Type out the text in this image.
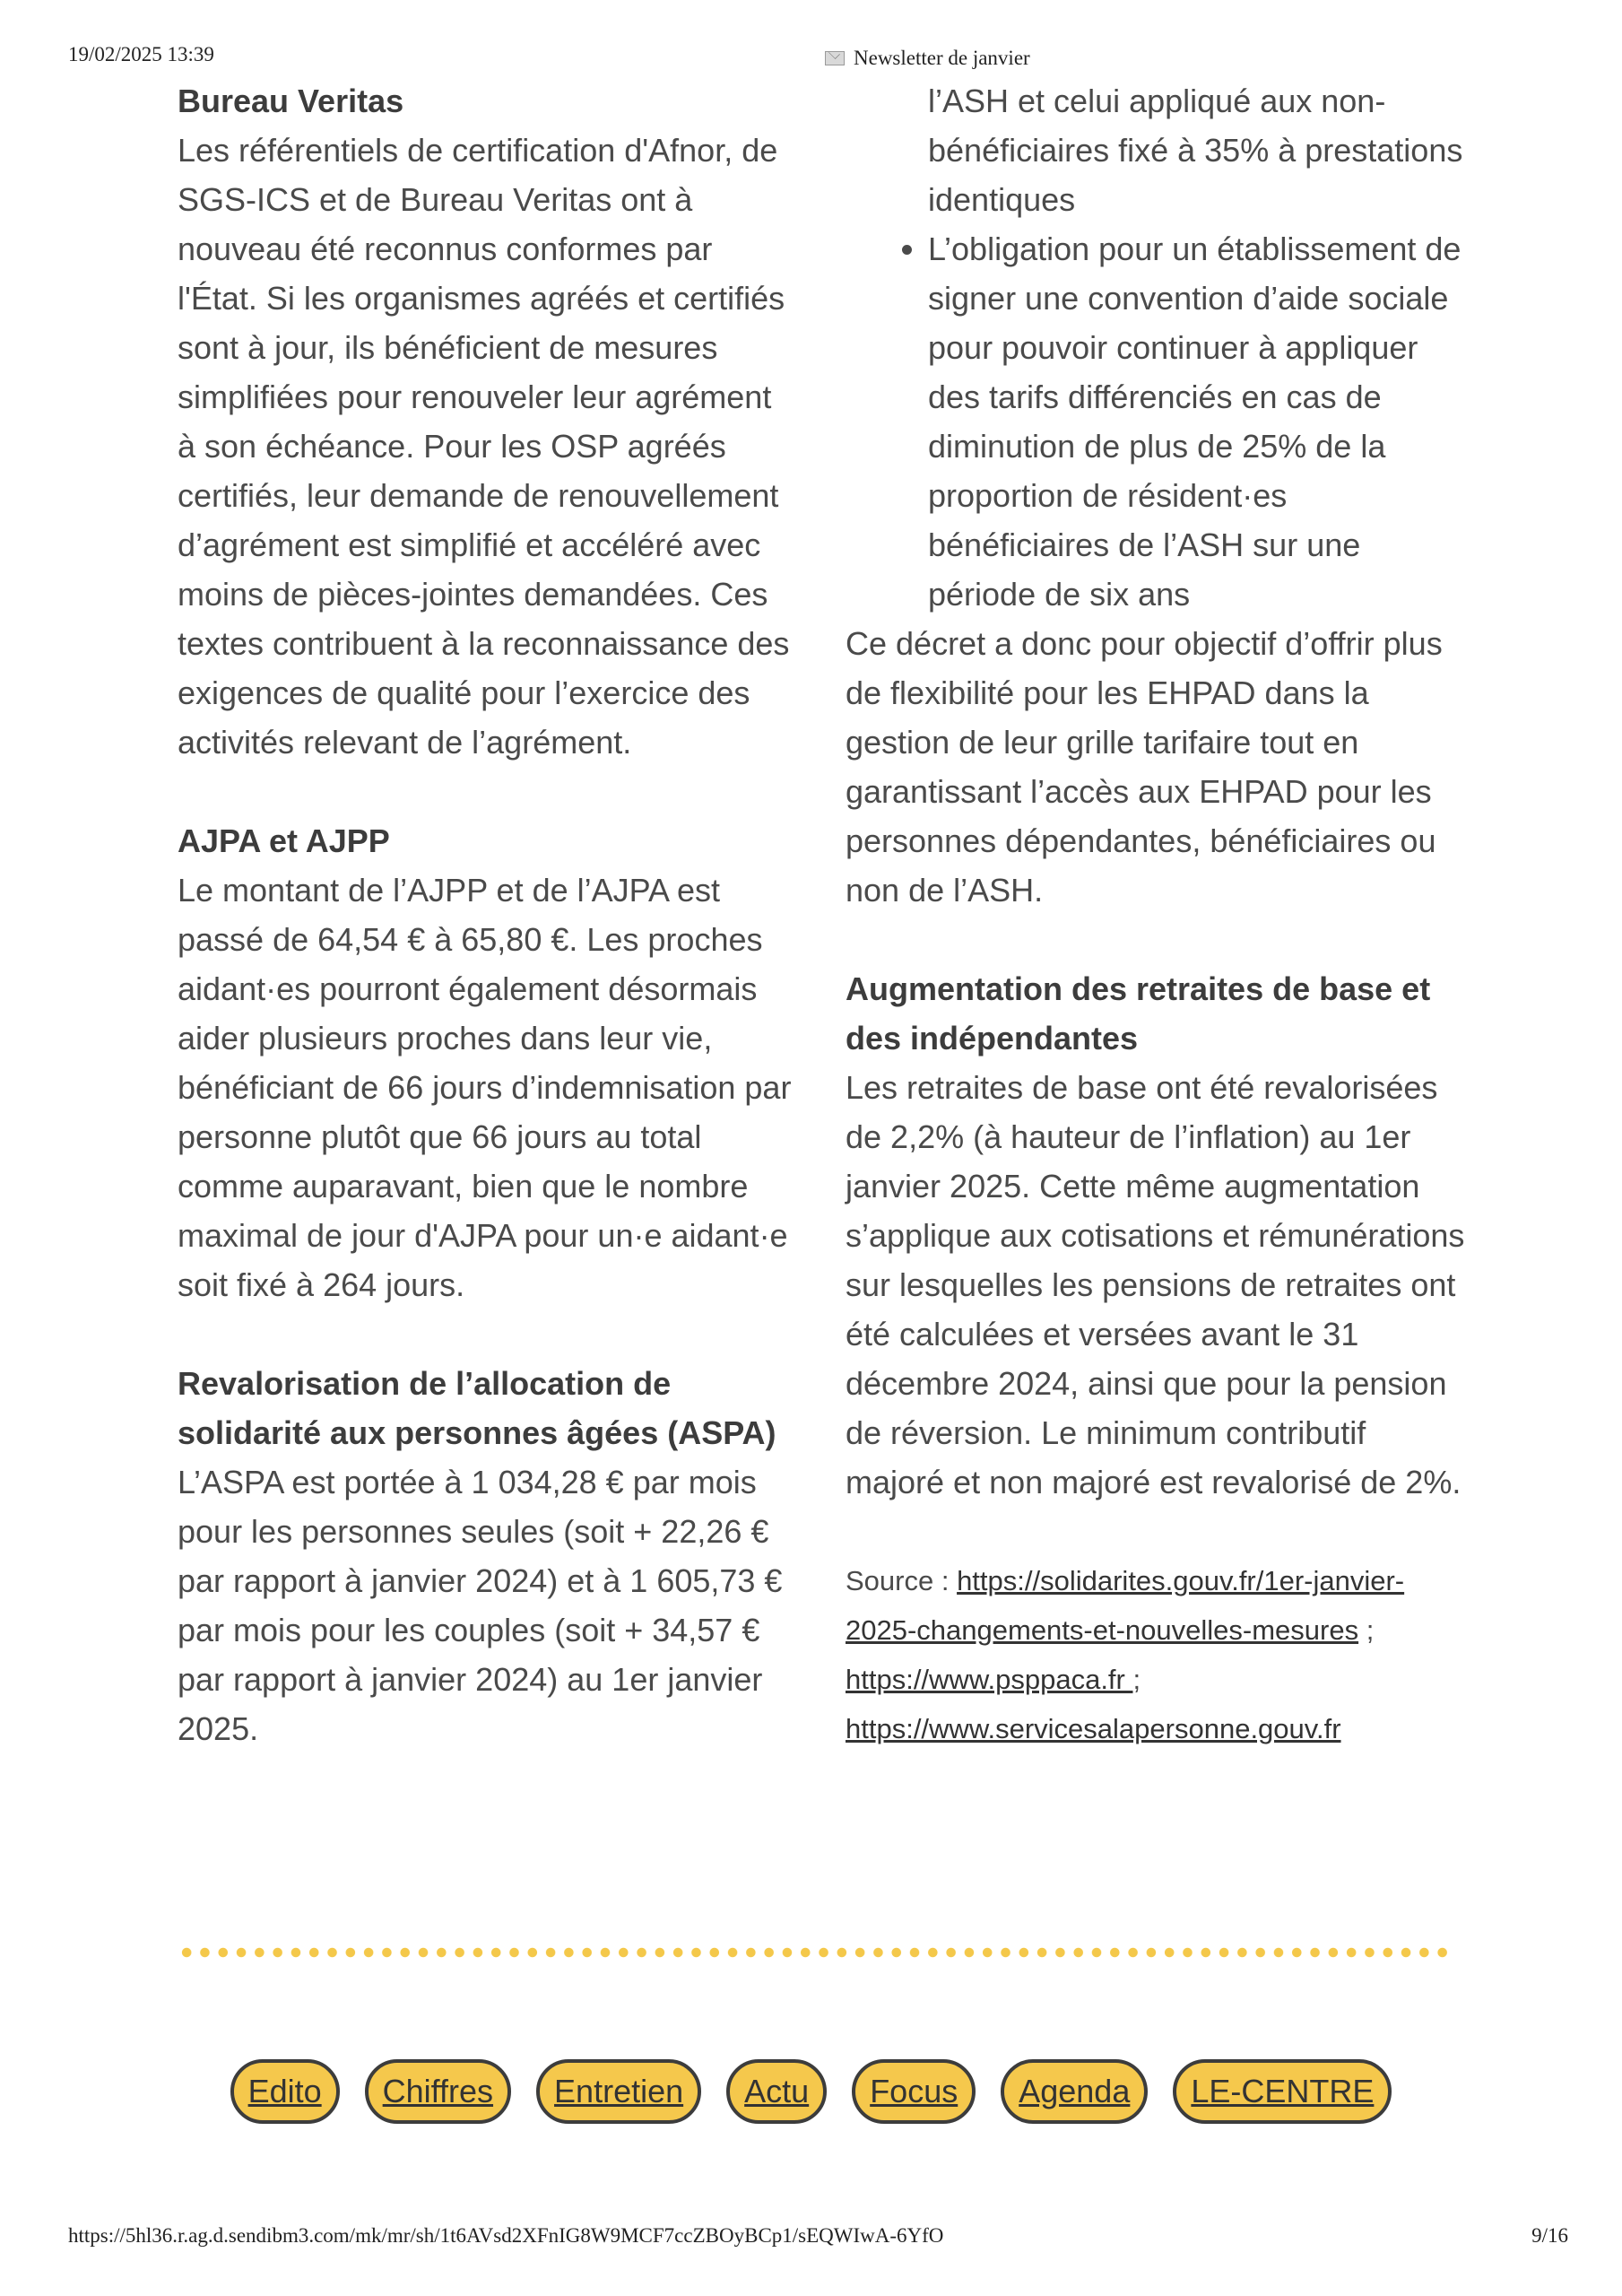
19/02/2025 13:39	Newsletter de janvier

Bureau Veritas

Les référentiels de certification d'Afnor, de SGS-ICS et de Bureau Veritas ont à nouveau été reconnus conformes par l'État. Si les organismes agréés et certifiés sont à jour, ils bénéficient de mesures simplifiées pour renouveler leur agrément à son échéance. Pour les OSP agréés certifiés, leur demande de renouvellement d’agrément est simplifié et accéléré avec moins de pièces-jointes demandées. Ces textes contribuent à la reconnaissance des exigences de qualité pour l’exercice des activités relevant de l’agrément.

AJPA et AJPP

Le montant de l’AJPP et de l’AJPA est passé de 64,54 € à 65,80 €. Les proches aidant·es pourront également désormais aider plusieurs proches dans leur vie, bénéficiant de 66 jours d’indemnisation par personne plutôt que 66 jours au total comme auparavant, bien que le nombre maximal de jour d'AJPA pour un·e aidant·e soit fixé à 264 jours.

Revalorisation de l’allocation de solidarité aux personnes âgées (ASPA)

L’ASPA est portée à 1 034,28 € par mois pour les personnes seules (soit + 22,26 € par rapport à janvier 2024) et à 1 605,73 € par mois pour les couples (soit + 34,57 € par rapport à janvier 2024) au 1er janvier 2025.

l’ASH et celui appliqué aux non-bénéficiaires fixé à 35% à prestations identiques
• L’obligation pour un établissement de signer une convention d’aide sociale pour pouvoir continuer à appliquer des tarifs différenciés en cas de diminution de plus de 25% de la proportion de résident·es bénéficiaires de l’ASH sur une période de six ans

Ce décret a donc pour objectif d’offrir plus de flexibilité pour les EHPAD dans la gestion de leur grille tarifaire tout en garantissant l’accès aux EHPAD pour les personnes dépendantes, bénéficiaires ou non de l’ASH.

Augmentation des retraites de base et des indépendantes

Les retraites de base ont été revalorisées de 2,2% (à hauteur de l’inflation) au 1er janvier 2025. Cette même augmentation s’applique aux cotisations et rémunérations sur lesquelles les pensions de retraites ont été calculées et versées avant le 31 décembre 2024, ainsi que pour la pension de réversion. Le minimum contributif majoré et non majoré est revalorisé de 2%.

Source : https://solidarites.gouv.fr/1er-janvier-2025-changements-et-nouvelles-mesures ; https://www.psppaca.fr ; https://www.servicesalapersonne.gouv.fr

Edito	Chiffres	Entretien	Actu	Focus	Agenda	LE-CENTRE
https://5hl36.r.ag.d.sendibm3.com/mk/mr/sh/1t6AVsd2XFnIG8W9MCF7ccZBOyBCp1/sEQWIwA-6YfO	9/16
